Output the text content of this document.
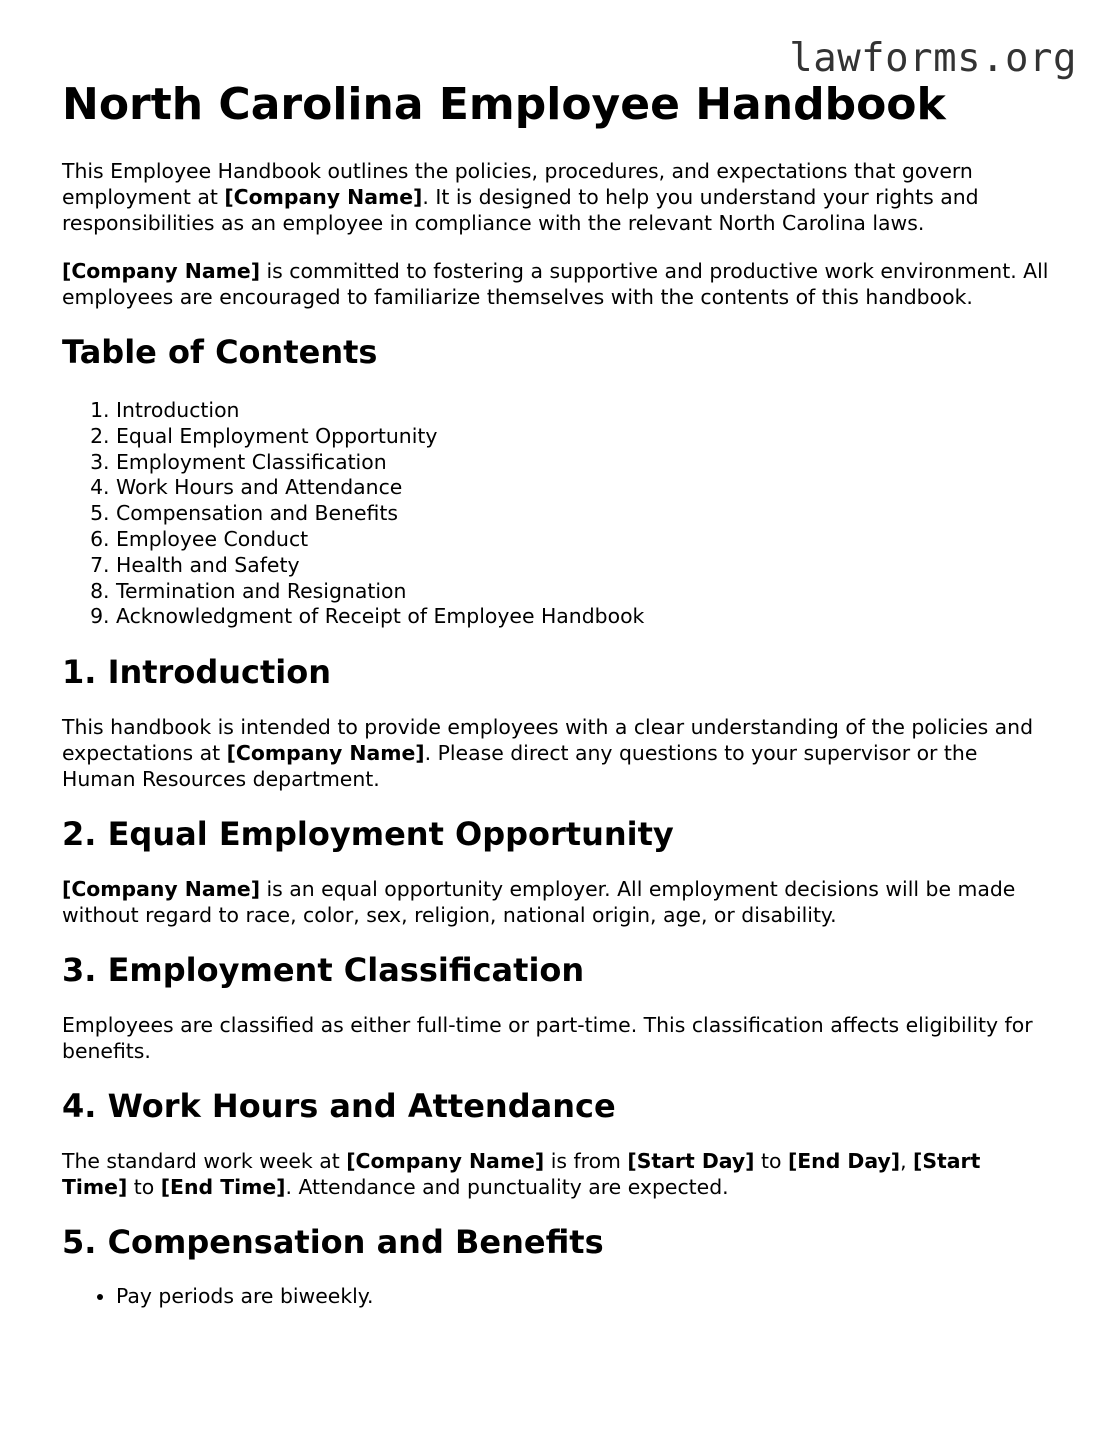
lawforms.org
North Carolina Employee Handbook

This Employee Handbook outlines the policies, procedures, and expectations that govern employment at [Company Name]. It is designed to help you understand your rights and responsibilities as an employee in compliance with the relevant North Carolina laws.

[Company Name] is committed to fostering a supportive and productive work environment. All employees are encouraged to familiarize themselves with the contents of this handbook.

Table of Contents
1. Introduction
2. Equal Employment Opportunity
3. Employment Classification
4. Work Hours and Attendance
5. Compensation and Benefits
6. Employee Conduct
7. Health and Safety
8. Termination and Resignation
9. Acknowledgment of Receipt of Employee Handbook
1. Introduction

This handbook is intended to provide employees with a clear understanding of the policies and expectations at [Company Name]. Please direct any questions to your supervisor or the Human Resources department.

2. Equal Employment Opportunity

[Company Name] is an equal opportunity employer. All employment decisions will be made without regard to race, color, sex, religion, national origin, age, or disability.

3. Employment Classification

Employees are classified as either full-time or part-time. This classification affects eligibility for benefits.

4. Work Hours and Attendance

The standard work week at [Company Name] is from [Start Day] to [End Day], [Start Time] to [End Time]. Attendance and punctuality are expected.

5. Compensation and Benefits
• Pay periods are biweekly.
